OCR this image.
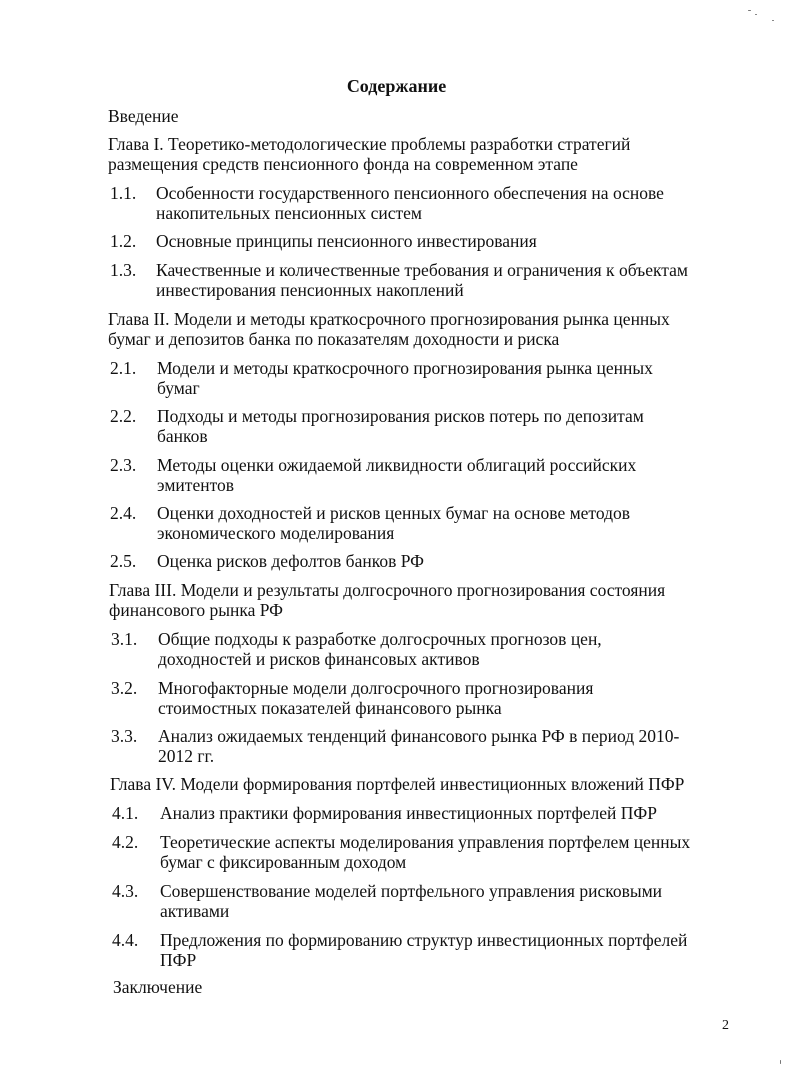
Содержание
Введение
Глава I. Теоретико-методологические проблемы разработки стратегий
размещения средств пенсионного фонда на современном этапе
1.1. Особенности государственного пенсионного обеспечения на основе
накопительных пенсионных систем
1.2. Основные принципы пенсионного инвестирования
1.3. Качественные и количественные требования и ограничения к объектам
инвестирования пенсионных накоплений
Глава II. Модели и методы краткосрочного прогнозирования рынка ценных
бумаг и депозитов банка по показателям доходности и риска
2.1. Модели и методы краткосрочного прогнозирования рынка ценных
бумаг
2.2. Подходы и методы прогнозирования рисков потерь по депозитам
банков
2.3. Методы оценки ожидаемой ликвидности облигаций российских
эмитентов
2.4. Оценки доходностей и рисков ценных бумаг на основе методов
экономического моделирования
2.5. Оценка рисков дефолтов банков РФ
Глава III. Модели и результаты долгосрочного прогнозирования состояния
финансового рынка РФ
3.1. Общие подходы к разработке долгосрочных прогнозов цен,
доходностей и рисков финансовых активов
3.2. Многофакторные модели долгосрочного прогнозирования
стоимостных показателей финансового рынка
3.3. Анализ ожидаемых тенденций финансового рынка РФ в период 2010-
2012 гг.
Глава IV. Модели формирования портфелей инвестиционных вложений ПФР
4.1. Анализ практики формирования инвестиционных портфелей ПФР
4.2. Теоретические аспекты моделирования управления портфелем ценных
бумаг с фиксированным доходом
4.3. Совершенствование моделей портфельного управления рисковыми
активами
4.4. Предложения по формированию структур инвестиционных портфелей
ПФР
Заключение
2
